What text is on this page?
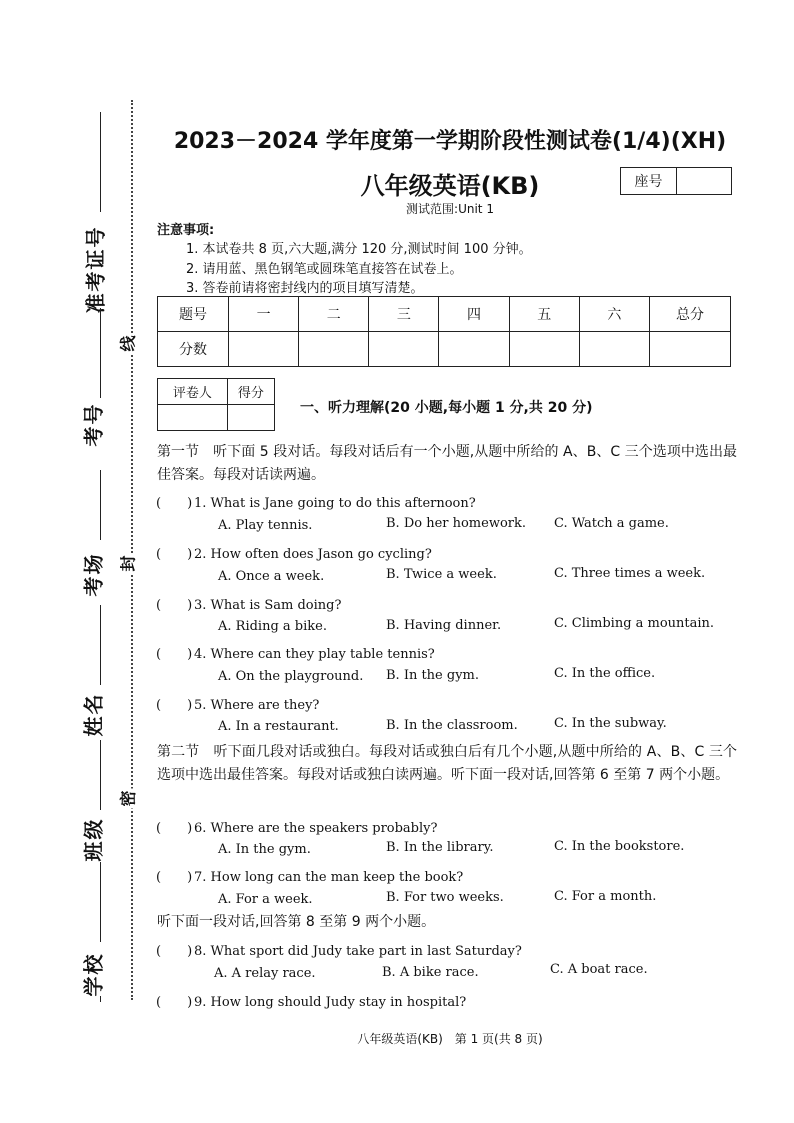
准考证号
考号
考场
姓名
班级
学校
线
封
密
2023－2024 学年度第一学期阶段性测试卷(1/4)(XH)
八年级英语(KB)	座号
测试范围:Unit 1
注意事项:
1. 本试卷共 8 页,六大题,满分 120 分,测试时间 100 分钟。
2. 请用蓝、黑色钢笔或圆珠笔直接答在试卷上。
3. 答卷前请将密封线内的项目填写清楚。
题号	一	二	三	四	五	六	总分
分数							
评卷人	得分

一、听力理解(20 小题,每小题 1 分,共 20 分)
第一节　听下面 5 段对话。每段对话后有一个小题,从题中所给的 A、B、C 三个选项中选出最佳答案。每段对话读两遍。
(　　) 1. What is Jane going to do this afternoon?
A. Play tennis.	B. Do her homework. C. Watch a game.
(　　) 2. How often does Jason go cycling?
A. Once a week.	B. Twice a week.	C. Three times a week.
(　　) 3. What is Sam doing?
A. Riding a bike.	B. Having dinner.	C. Climbing a mountain.
(　　) 4. Where can they play table tennis?
A. On the playground. B. In the gym.	C. In the office.
(　　) 5. Where are they?
A. In a restaurant.	B. In the classroom.	C. In the subway.
第二节　听下面几段对话或独白。每段对话或独白后有几个小题,从题中所给的 A、B、C 三个选项中选出最佳答案。每段对话或独白读两遍。听下面一段对话,回答第 6 至第 7 两个小题。
(　　) 6. Where are the speakers probably?
A. In the gym.	B. In the library.	C. In the bookstore.
(　　) 7. How long can the man keep the book?
A. For a week.	B. For two weeks.	C. For a month.
听下面一段对话,回答第 8 至第 9 两个小题。
(　　) 8. What sport did Judy take part in last Saturday?
A. A relay race.	B. A bike race.	C. A boat race.
(　　) 9. How long should Judy stay in hospital?
八年级英语(KB)　第 1 页(共 8 页)
